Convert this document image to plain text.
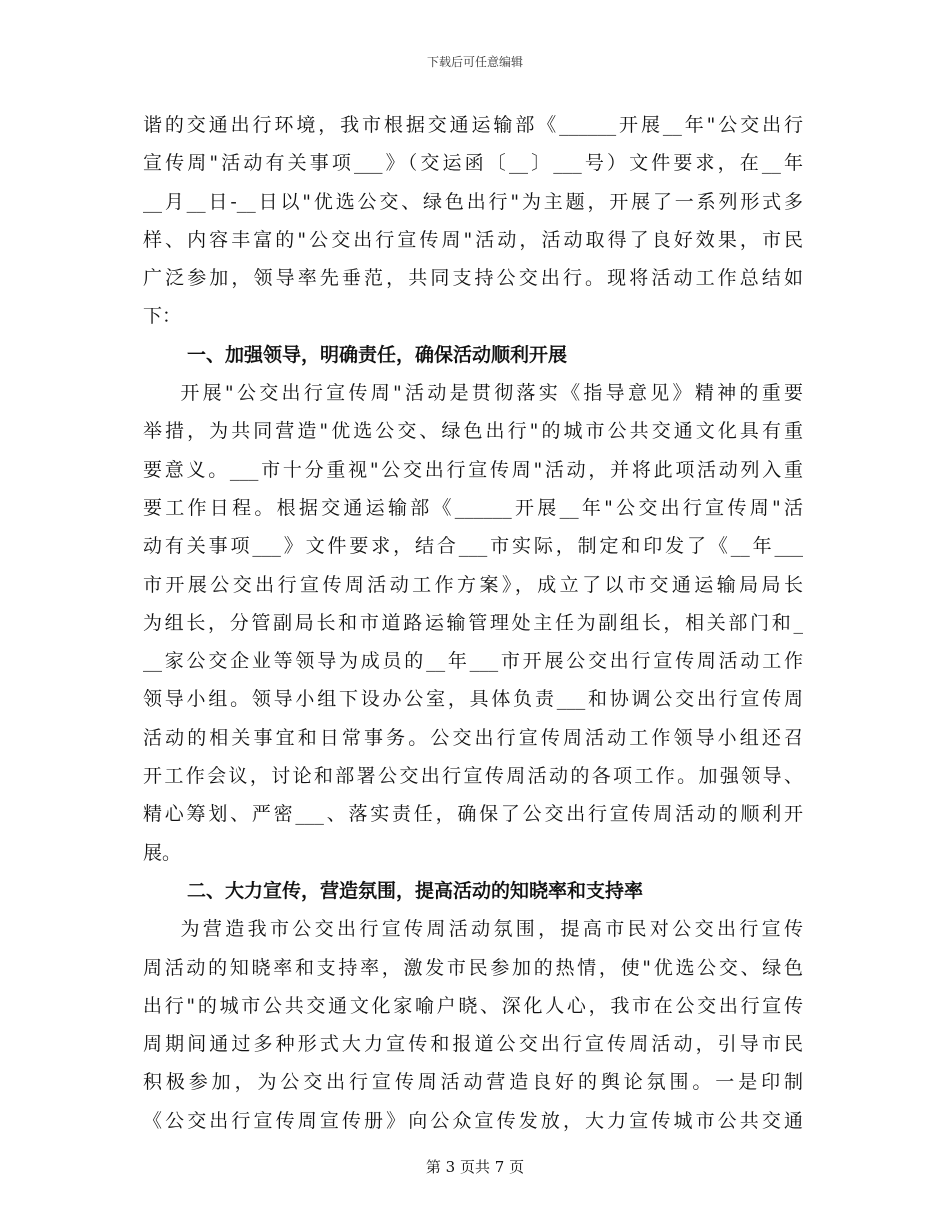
下载后可任意编辑
谐的交通出行环境，我市根据交通运输部《______开展__年"公交出行
宣传周"活动有关事项___》（交运函〔__〕___号）文件要求，在__年
__月__日-__日以"优选公交、绿色出行"为主题，开展了一系列形式多
样、内容丰富的"公交出行宣传周"活动，活动取得了良好效果，市民
广泛参加，领导率先垂范，共同支持公交出行。现将活动工作总结如
下：
一、加强领导，明确责任，确保活动顺利开展
开展"公交出行宣传周"活动是贯彻落实《指导意见》精神的重要
举措，为共同营造"优选公交、绿色出行"的城市公共交通文化具有重
要意义。___市十分重视"公交出行宣传周"活动，并将此项活动列入重
要工作日程。根据交通运输部《______开展__年"公交出行宣传周"活
动有关事项___》文件要求，结合___市实际，制定和印发了《__年___
市开展公交出行宣传周活动工作方案》，成立了以市交通运输局局长
为组长，分管副局长和市道路运输管理处主任为副组长，相关部门和_
__家公交企业等领导为成员的__年___市开展公交出行宣传周活动工作
领导小组。领导小组下设办公室，具体负责___和协调公交出行宣传周
活动的相关事宜和日常事务。公交出行宣传周活动工作领导小组还召
开工作会议，讨论和部署公交出行宣传周活动的各项工作。加强领导、
精心筹划、严密___、落实责任，确保了公交出行宣传周活动的顺利开
展。
二、大力宣传，营造氛围，提高活动的知晓率和支持率
为营造我市公交出行宣传周活动氛围，提高市民对公交出行宣传
周活动的知晓率和支持率，激发市民参加的热情，使"优选公交、绿色
出行"的城市公共交通文化家喻户晓、深化人心，我市在公交出行宣传
周期间通过多种形式大力宣传和报道公交出行宣传周活动，引导市民
积极参加，为公交出行宣传周活动营造良好的舆论氛围。一是印制
《公交出行宣传周宣传册》向公众宣传发放，大力宣传城市公共交通
第 3 页共 7 页
